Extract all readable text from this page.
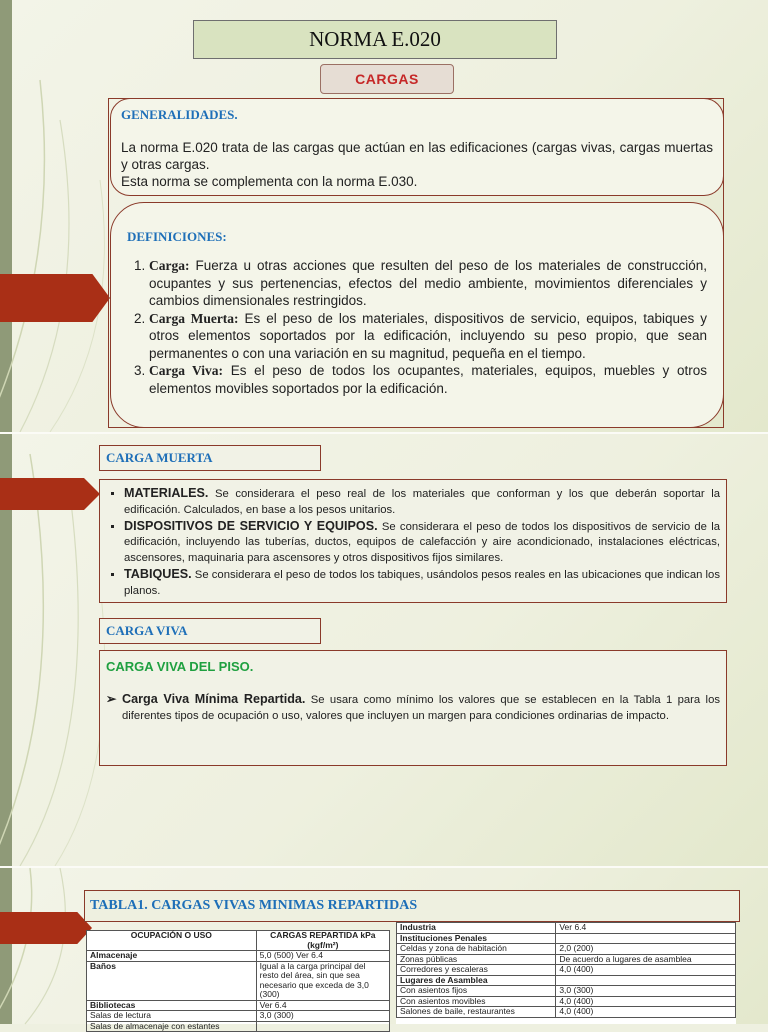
NORMA E.020
CARGAS
GENERALIDADES.
La norma E.020 trata de las cargas que actúan en las edificaciones (cargas vivas, cargas muertas y otras cargas.
Esta norma se complementa con la norma E.030.
DEFINICIONES:
1. Carga: Fuerza u otras acciones que resulten del peso de los materiales de construcción, ocupantes y sus pertenencias, efectos del medio ambiente, movimientos diferenciales y cambios dimensionales restringidos.
2. Carga Muerta: Es el peso de los materiales, dispositivos de servicio, equipos, tabiques y otros elementos soportados por la edificación, incluyendo su peso propio, que sean permanentes o con una variación en su magnitud, pequeña en el tiempo.
3. Carga Viva: Es el peso de todos los ocupantes, materiales, equipos, muebles y otros elementos movibles soportados por la edificación.
CARGA MUERTA
▪ MATERIALES. Se considerara el peso real de los materiales que conforman y los que deberán soportar la edificación. Calculados, en base a los pesos unitarios.
▪ DISPOSITIVOS DE SERVICIO Y EQUIPOS. Se considerara el peso de todos los dispositivos de servicio de la edificación, incluyendo las tuberías, ductos, equipos de calefacción y aire acondicionado, instalaciones eléctricas, ascensores, maquinaria para ascensores y otros dispositivos fijos similares.
▪ TABIQUES. Se considerara el peso de todos los tabiques, usándolos pesos reales en las ubicaciones que indican los planos.
CARGA VIVA
CARGA VIVA DEL PISO.
➢ Carga Viva Mínima Repartida. Se usara como mínimo los valores que se establecen en la Tabla 1 para los diferentes tipos de ocupación o uso, valores que incluyen un margen para condiciones ordinarias de impacto.
TABLA1. CARGAS VIVAS MINIMAS REPARTIDAS
OCUPACIÓN O USO	CARGAS REPARTIDA kPa (kgf/m²)
Almacenaje	5,0 (500) Ver 6.4
Baños	Igual a la carga principal del resto del área, sin que sea necesario que exceda de 3,0 (300)
Bibliotecas	Ver 6.4
Salas de lectura	3,0 (300)
Salas de almacenaje con estantes	
Industria	Ver 6.4
Instituciones Penales	
Celdas y zona de habitación	2,0 (200)
Zonas públicas	De acuerdo a lugares de asamblea
Corredores y escaleras	4,0 (400)
Lugares de Asamblea	
Con asientos fijos	3,0 (300)
Con asientos movibles	4,0 (400)
Salones de baile, restaurantes	4,0 (400)
